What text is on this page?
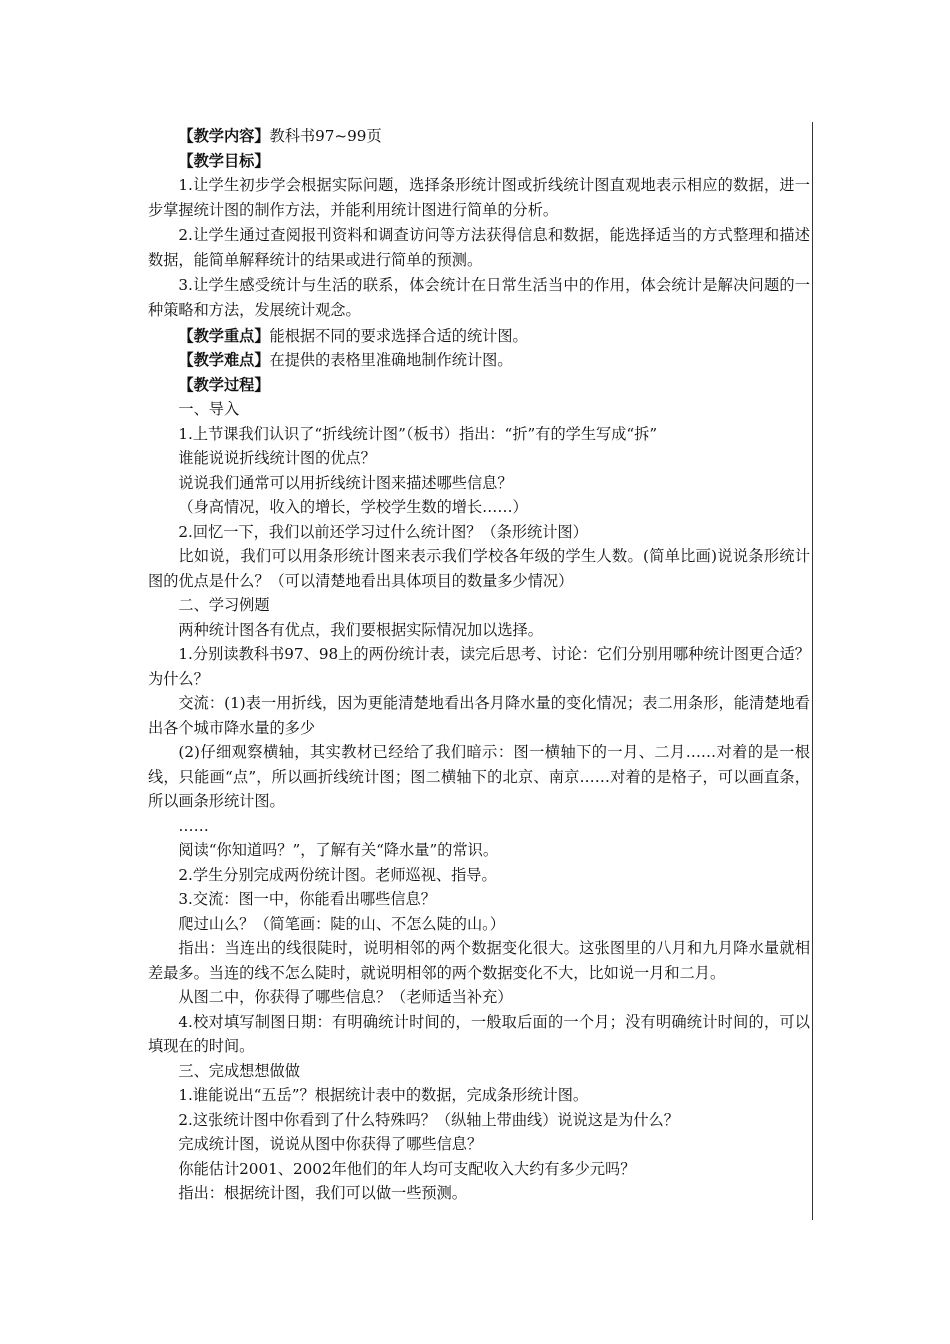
【教学内容】教科书97~99页

【教学目标】

1.让学生初步学会根据实际问题，选择条形统计图或折线统计图直观地表示相应的数据，进一步掌握统计图的制作方法，并能利用统计图进行简单的分析。

2.让学生通过查阅报刊资料和调查访问等方法获得信息和数据，能选择适当的方式整理和描述数据，能简单解释统计的结果或进行简单的预测。

3.让学生感受统计与生活的联系，体会统计在日常生活当中的作用，体会统计是解决问题的一种策略和方法，发展统计观念。

【教学重点】能根据不同的要求选择合适的统计图。

【教学难点】在提供的表格里准确地制作统计图。

【教学过程】

一、导入

1.上节课我们认识了“折线统计图”（板书）指出：“折”有的学生写成“拆”

谁能说说折线统计图的优点？

说说我们通常可以用折线统计图来描述哪些信息？

（身高情况，收入的增长，学校学生数的增长……）

2.回忆一下，我们以前还学习过什么统计图？（条形统计图）

比如说，我们可以用条形统计图来表示我们学校各年级的学生人数。(简单比画)说说条形统计图的优点是什么？（可以清楚地看出具体项目的数量多少情况）

二、学习例题

两种统计图各有优点，我们要根据实际情况加以选择。

1.分别读教科书97、98上的两份统计表，读完后思考、讨论：它们分别用哪种统计图更合适？为什么？

交流：(1)表一用折线，因为更能清楚地看出各月降水量的变化情况；表二用条形，能清楚地看出各个城市降水量的多少

(2)仔细观察横轴，其实教材已经给了我们暗示：图一横轴下的一月、二月……对着的是一根线，只能画“点”，所以画折线统计图；图二横轴下的北京、南京……对着的是格子，可以画直条，所以画条形统计图。

……

阅读“你知道吗？”，了解有关“降水量”的常识。

2.学生分别完成两份统计图。老师巡视、指导。

3.交流：图一中，你能看出哪些信息？

爬过山么？（简笔画：陡的山、不怎么陡的山。）

指出：当连出的线很陡时，说明相邻的两个数据变化很大。这张图里的八月和九月降水量就相差最多。当连的线不怎么陡时，就说明相邻的两个数据变化不大，比如说一月和二月。

从图二中，你获得了哪些信息？（老师适当补充）

4.校对填写制图日期：有明确统计时间的，一般取后面的一个月；没有明确统计时间的，可以填现在的时间。

三、完成想想做做

1.谁能说出“五岳”？根据统计表中的数据，完成条形统计图。

2.这张统计图中你看到了什么特殊吗？（纵轴上带曲线）说说这是为什么？

完成统计图，说说从图中你获得了哪些信息？

你能估计2001、2002年他们的年人均可支配收入大约有多少元吗？

指出：根据统计图，我们可以做一些预测。
